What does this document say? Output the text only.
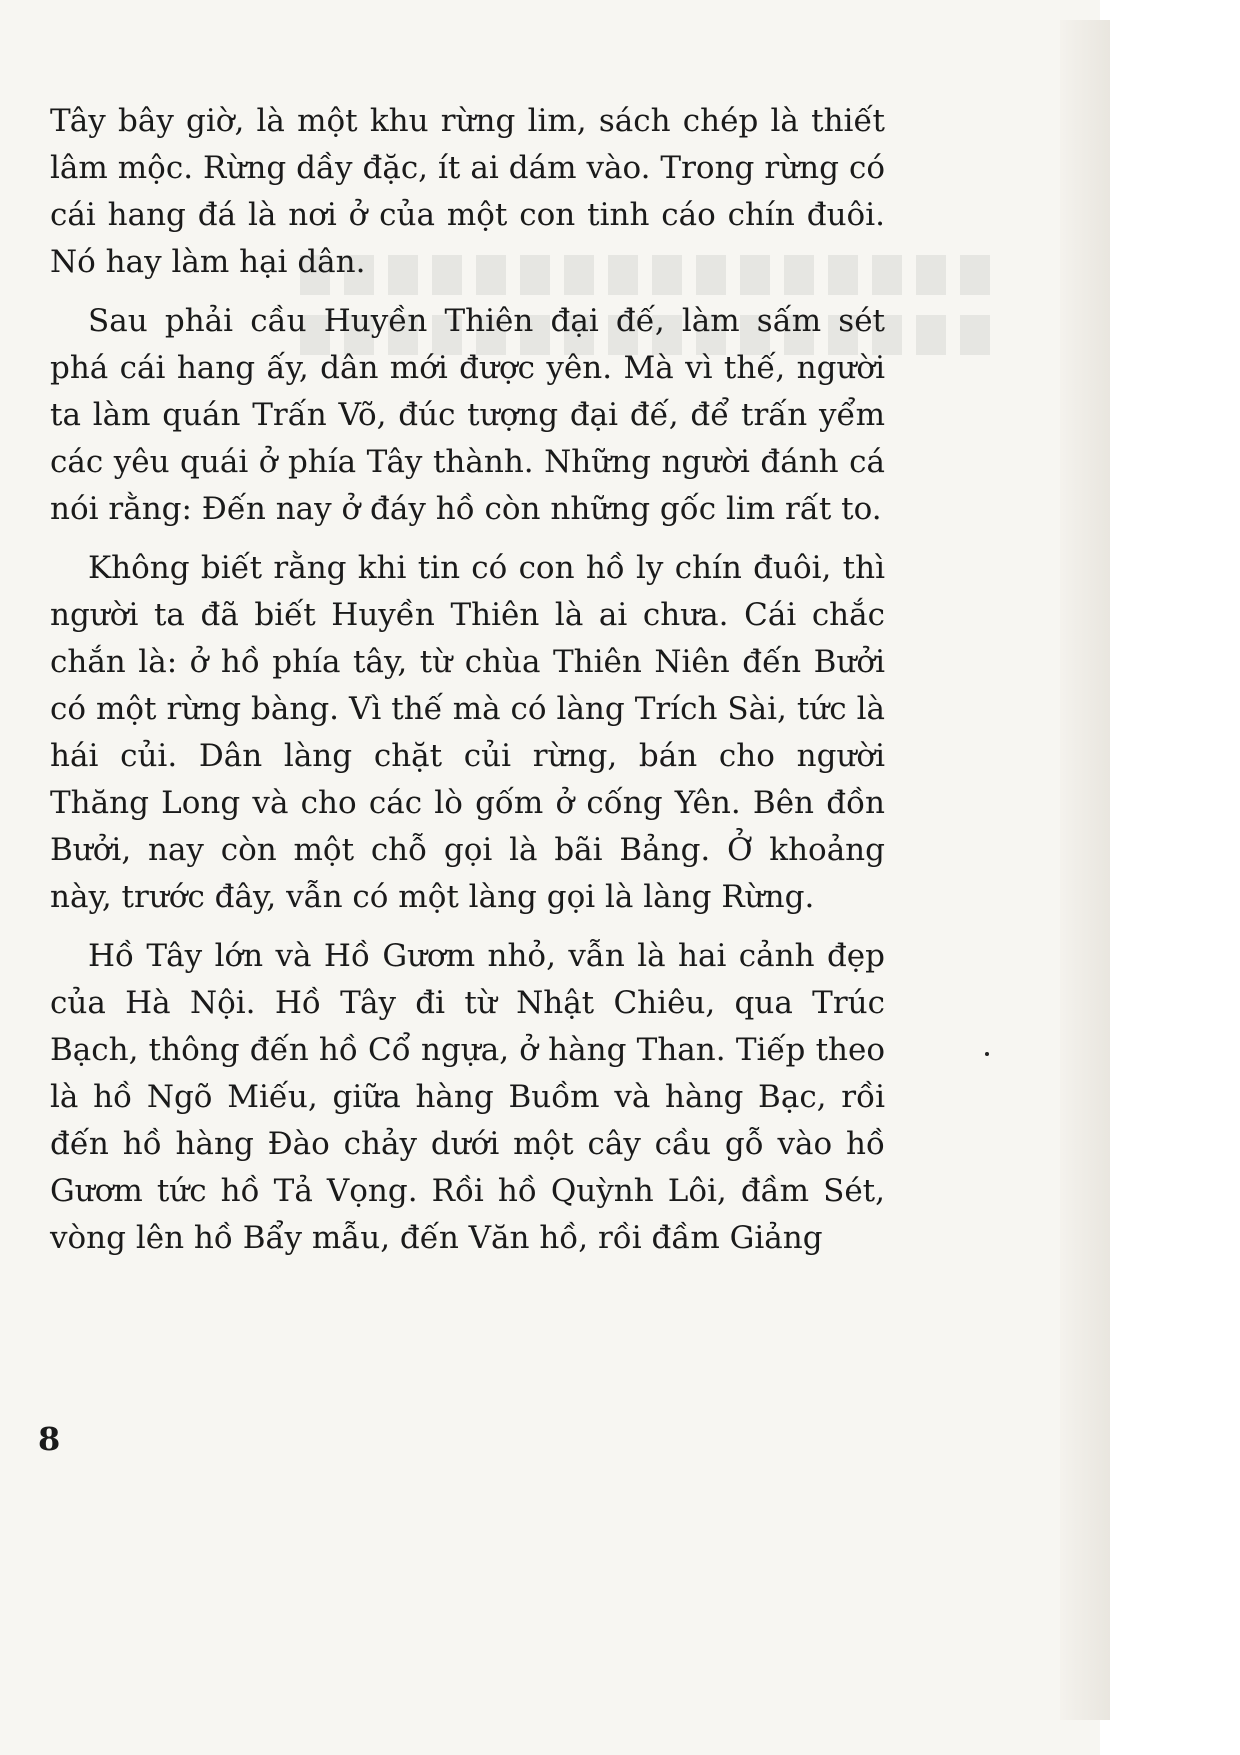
Tây bây giờ, là một khu rừng lim, sách chép là thiết lâm mộc. Rừng dầy đặc, ít ai dám vào. Trong rừng có cái hang đá là nơi ở của một con tinh cáo chín đuôi. Nó hay làm hại dân.

Sau phải cầu Huyền Thiên đại đế, làm sấm sét phá cái hang ấy, dân mới được yên. Mà vì thế, người ta làm quán Trấn Võ, đúc tượng đại đế, để trấn yểm các yêu quái ở phía Tây thành. Những người đánh cá nói rằng: Đến nay ở đáy hồ còn những gốc lim rất to.

Không biết rằng khi tin có con hồ ly chín đuôi, thì người ta đã biết Huyền Thiên là ai chưa. Cái chắc chắn là: ở hồ phía tây, từ chùa Thiên Niên đến Bưởi có một rừng bàng. Vì thế mà có làng Trích Sài, tức là hái củi. Dân làng chặt củi rừng, bán cho người Thăng Long và cho các lò gốm ở cống Yên. Bên đồn Bưởi, nay còn một chỗ gọi là bãi Bảng. Ở khoảng này, trước đây, vẫn có một làng gọi là làng Rừng.

Hồ Tây lớn và Hồ Gươm nhỏ, vẫn là hai cảnh đẹp của Hà Nội. Hồ Tây đi từ Nhật Chiêu, qua Trúc Bạch, thông đến hồ Cổ ngựa, ở hàng Than. Tiếp theo là hồ Ngõ Miếu, giữa hàng Buồm và hàng Bạc, rồi đến hồ hàng Đào chảy dưới một cây cầu gỗ vào hồ Gươm tức hồ Tả Vọng. Rồi hồ Quỳnh Lôi, đầm Sét, vòng lên hồ Bẩy mẫu, đến Văn hồ, rồi đầm Giảng

8
